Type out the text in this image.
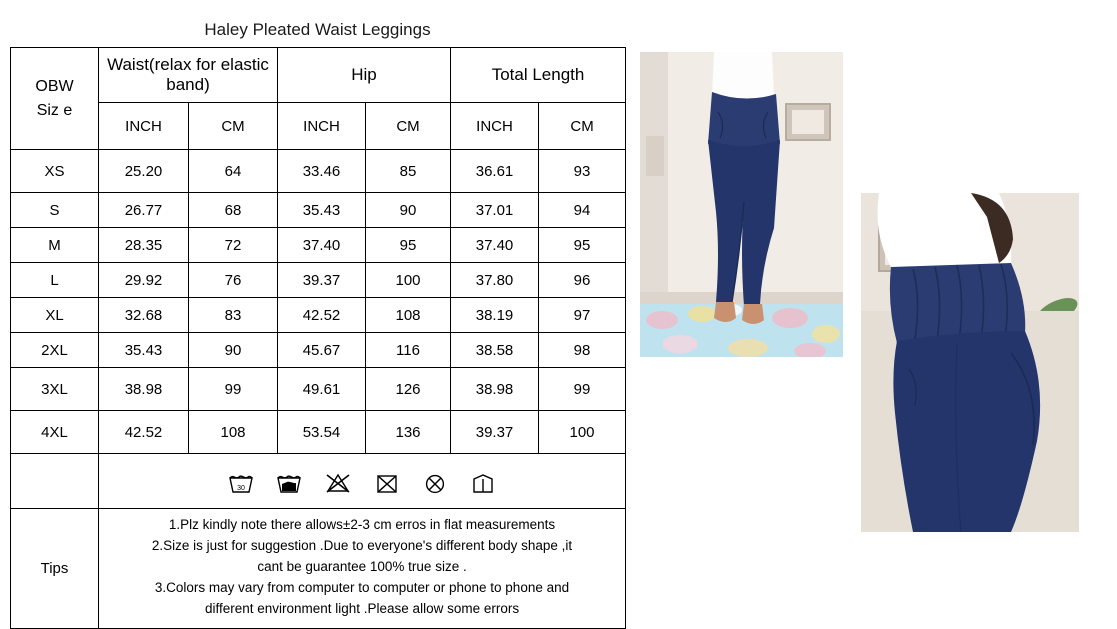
Haley Pleated Waist Leggings
OBW
Siz e	Waist(relax for elastic band)		Hip		Total Length	
	INCH	CM	INCH	CM	INCH	CM
XS	25.20	64	33.46	85	36.61	93
S	26.77	68	35.43	90	37.01	94
M	28.35	72	37.40	95	37.40	95
L	29.92	76	39.37	100	37.80	96
XL	32.68	83	42.52	108	38.19	97
2XL	35.43	90	45.67	116	38.58	98
3XL	38.98	99	49.61	126	38.98	99
4XL	42.52	108	53.54	136	39.37	100

30					

Tips	1.Plz kindly note there allows±2-3 cm erros in flat measurements
2.Size is just for suggestion .Due to everyone's different body shape ,it
cant be guarantee 100% true size .
3.Colors may vary from computer to computer or phone to phone and
different environment light .Please allow some errors					
